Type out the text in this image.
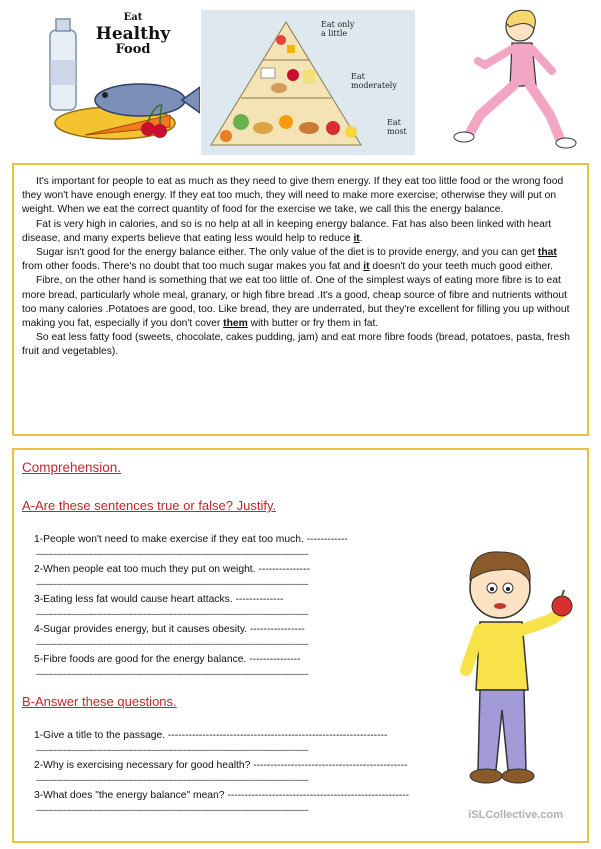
Eat
Healthy
Food
Eat only a little
Eat moderately
Eat most

It's important for people to eat as much as they need to give them energy. If they eat too little food or the wrong food they won't have enough energy. If they eat too much, they will need to make more exercise; otherwise they will put on weight. When we eat the correct quantity of food for the exercise we take, we call this the energy balance.

Fat is very high in calories, and so is no help at all in keeping energy balance. Fat has also been linked with heart disease, and many experts believe that eating less would help to reduce it.

Sugar isn't good for the energy balance either. The only value of the diet is to provide energy, and you can get that from other foods. There's no doubt that too much sugar makes you fat and it doesn't do your teeth much good either.

Fibre, on the other hand is something that we eat too little of. One of the simplest ways of eating more fibre is to eat more bread, particularly whole meal, granary, or high fibre bread .It's a good, cheap source of fibre and nutrients without too many calories .Potatoes are good, too. Like bread, they are underrated, but they're excellent for filling you up without making you fat, especially if you don't cover them with butter or fry them in fat.

So eat less fatty food (sweets, chocolate, cakes pudding, jam) and eat more fibre foods (bread, potatoes, pasta, fresh fruit and vegetables).

Comprehension.
A-Are these sentences true or false? Justify.
1-People won't need to make exercise if they eat too much. ------------
-------------------------------------------------------------------------------------------------------------
2-When people eat too much they put on weight. ---------------
-------------------------------------------------------------------------------------------------------------
3-Eating less fat would cause heart attacks. --------------
-------------------------------------------------------------------------------------------------------------
4-Sugar provides energy, but it causes obesity. ----------------
-------------------------------------------------------------------------------------------------------------
5-Fibre foods are good for the energy balance. ---------------
-------------------------------------------------------------------------------------------------------------
B-Answer these questions.
1-Give a title to the passage. ----------------------------------------------------------------
-------------------------------------------------------------------------------------------------------------
2-Why is exercising necessary for good health? ---------------------------------------------
-------------------------------------------------------------------------------------------------------------
3-What does "the energy balance" mean? -----------------------------------------------------
-------------------------------------------------------------------------------------------------------------	iSLCollective.com
